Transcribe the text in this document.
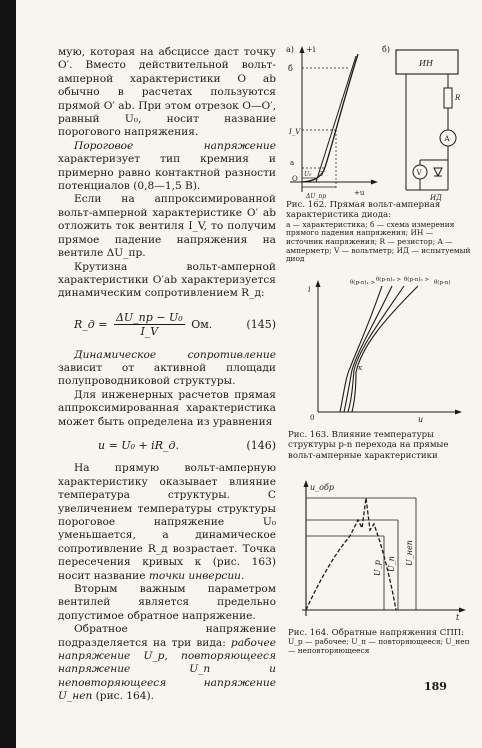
мую, которая на абсциссе даст точку O′. Вместо действительной вольт-амперной характеристики O ab обычно в расчетах пользуются прямой O′ ab. При этом отрезок O—O′, равный U₀, носит название порогового напряжения.

Пороговое напряжение характеризует тип кремния и примерно равно контактной разности потенциалов (0,8—1,5 В).

Если на аппроксимированной вольт-амперной характеристике O′ ab отложить ток вентиля I_V, то получим прямое падение напряжения на вентиле ΔU_пр.

Крутизна вольт-амперной характеристики O′ab характеризуется динамическим сопротивлением R_д:

R_д = $\frac{\text{ΔU\_пр − U₀}}{I\_V}$ Ом.	(145)

Динамическое сопротивление зависит от активной площади полупроводниковой структуры.

Для инженерных расчетов прямая аппроксимированная характеристика может быть определена из уравнения

u = U₀ + iR_д.	(146)

На прямую вольт-амперную характеристику оказывает влияние температура структуры. С увеличением температуры структуры пороговое напряжение U₀ уменьшается, а динамическое сопротивление R_д возрастает. Точка пересечения кривых к (рис. 163) носит название точки инверсии.

Вторым важным параметром вентилей является предельно допустимое обратное напряжение.

Обратное напряжение подразделяется на три вида: рабочее напряжение U_р, повторяющееся напряжение U_п и неповторяющееся напряжение U_неп (рис. 164).

а) +i
+u
б
I_V
a
O
O′
U₀
ΔU_пр
б)
ИН
R
A
V
ИД
Рис. 162. Прямая вольт-амперная характеристика диода:
а — характеристика; б — схема измерения прямого падения напряжения; ИН — источник напряжения; R — резистор; A — амперметр; V — вольтметр; ИД — испытуемый диод
i
0	u
к
θ(p-n)₁ > θ(p-n)₂ > θ(p-n)₃ > θ(p-n)
Рис. 163. Влияние температуры структуры p-n перехода на прямые вольт-амперные характеристики
u_обр
t
U_р U_п U_неп
Рис. 164. Обратные напряжения СПП:
U_р — рабочее; U_п — повторяющееся; U_неп — неповторяющееся
189
